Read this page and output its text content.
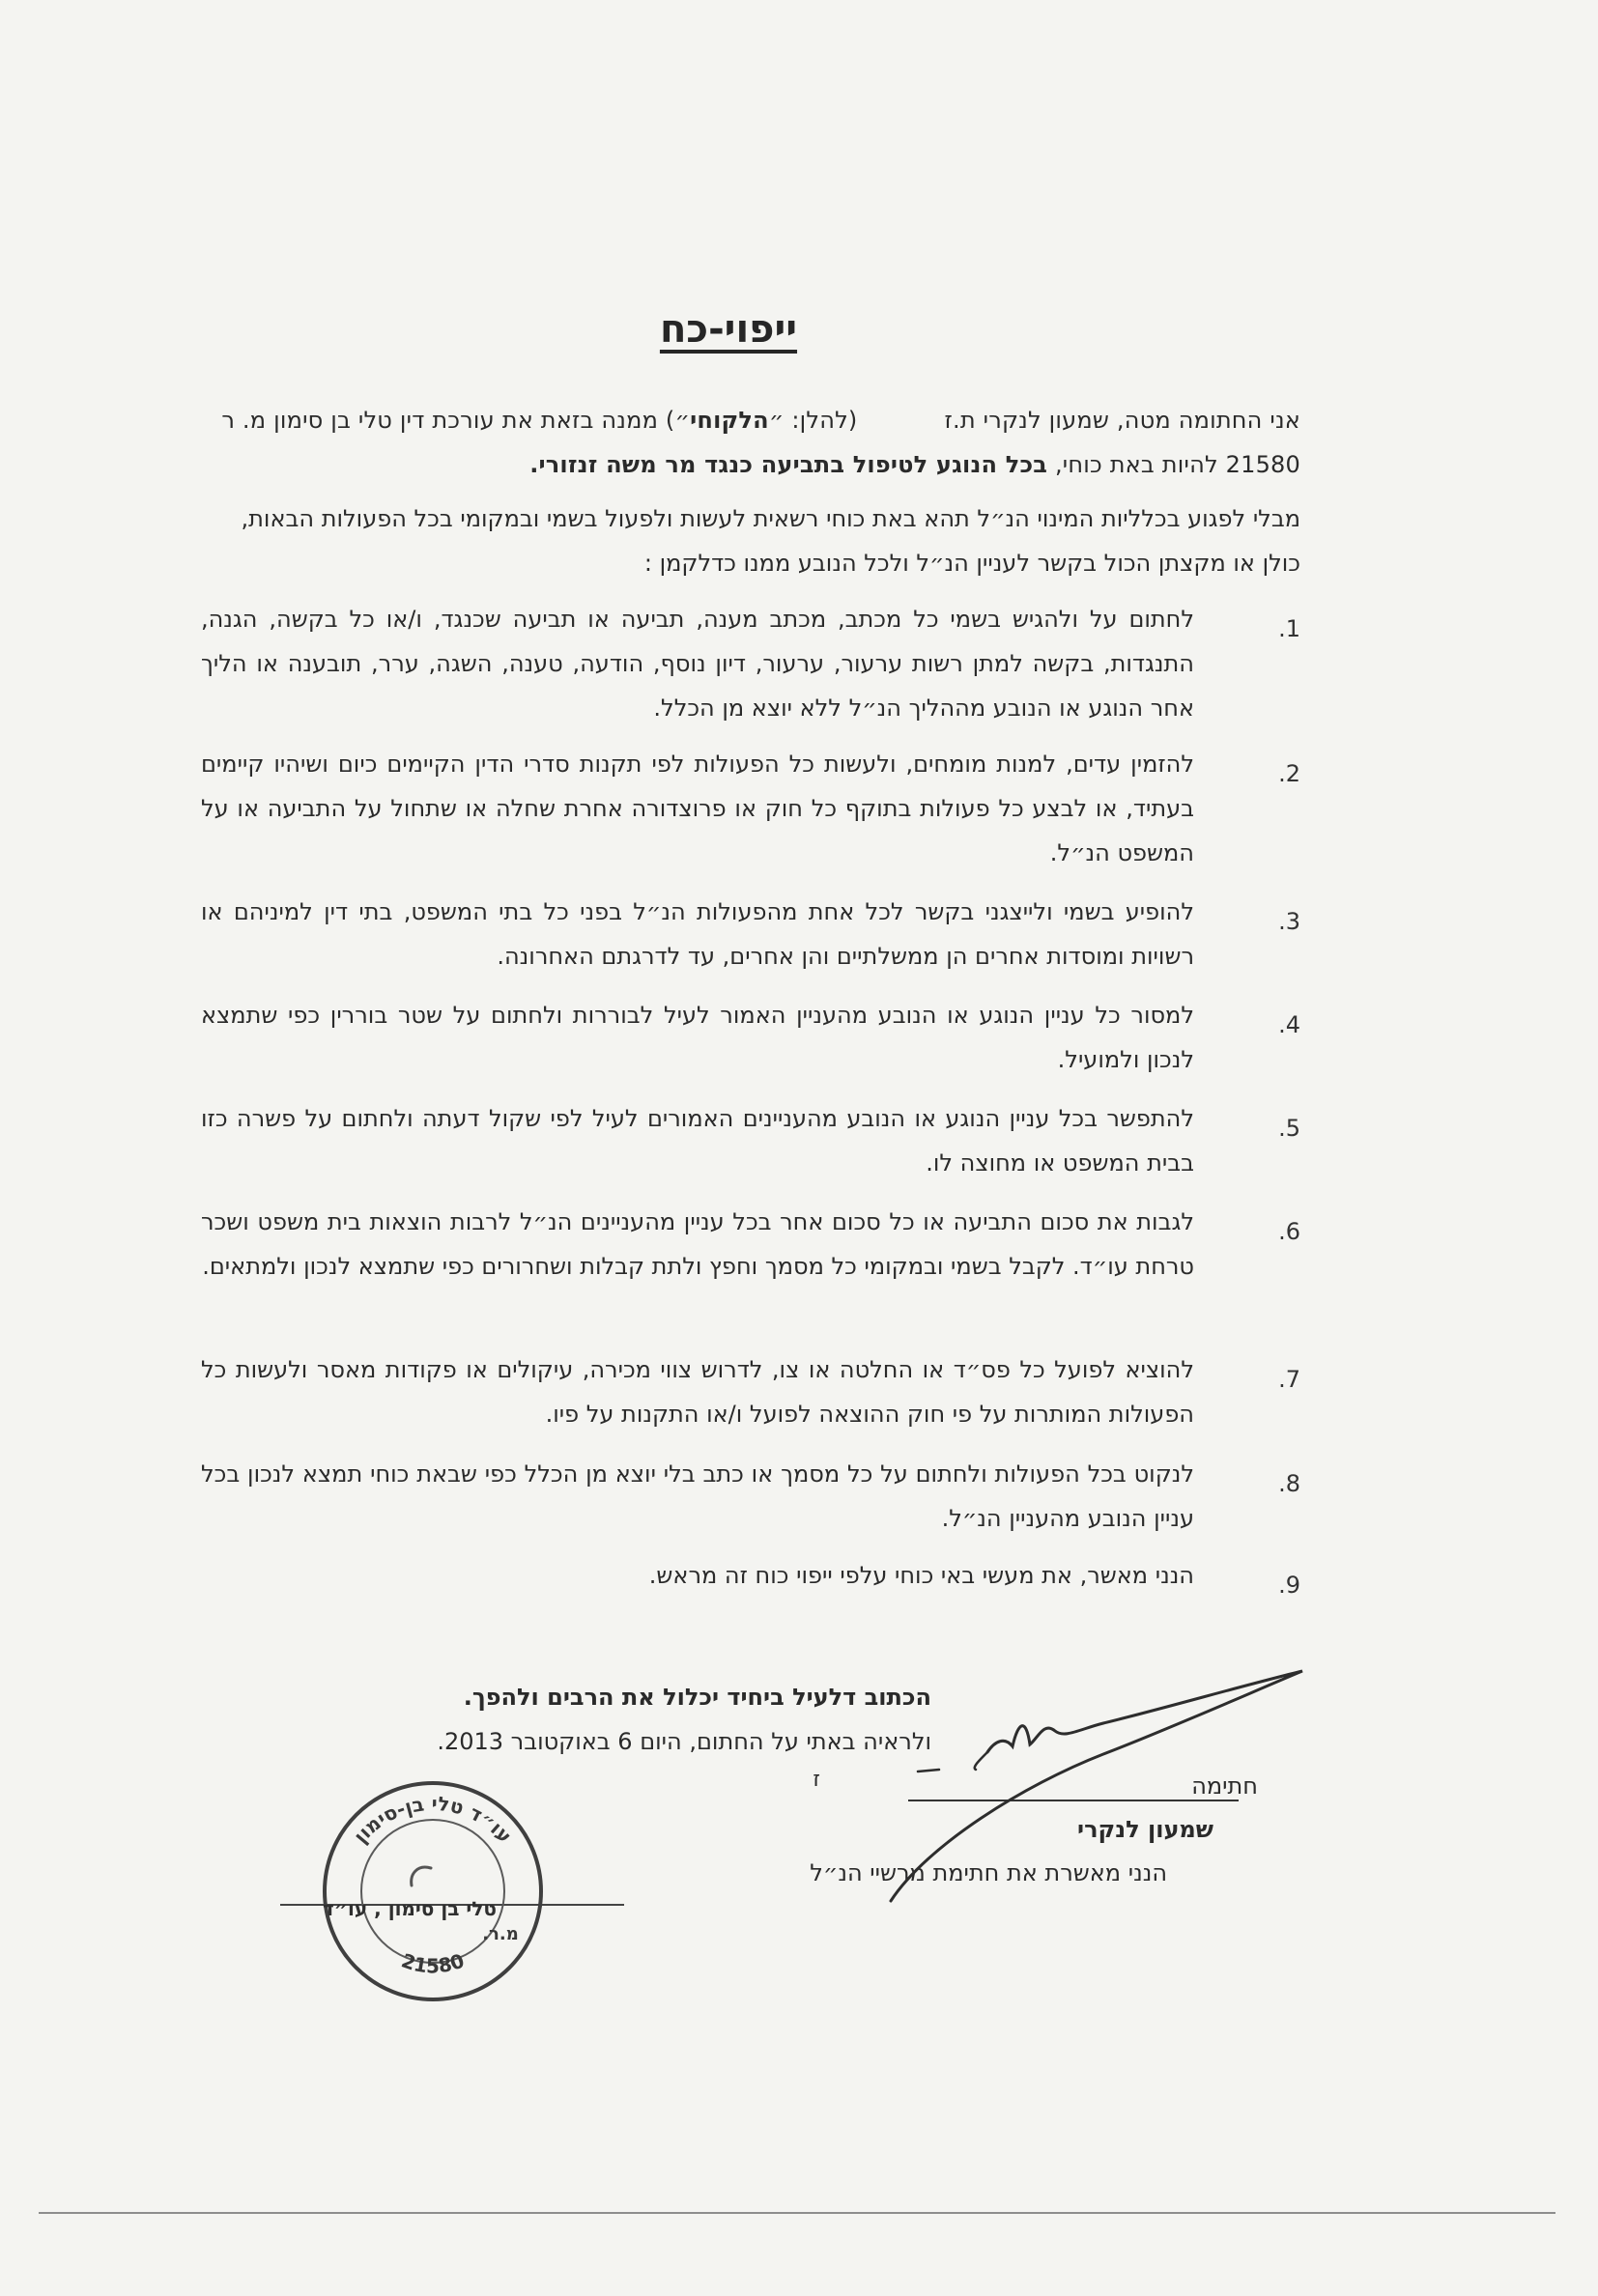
ייפוי-כח
אני החתומה מטה, שמעון לנקרי ת.ז(להלן: ״הלקוחי״) ממנה בזאת את עורכת דין טלי בן סימון מ. ר
21580 להיות באת כוחי, בכל הנוגע לטיפול בתביעה כנגד מר משה זנזורי.
מבלי לפגוע בכלליות המינוי הנ״ל תהא באת כוחי רשאית לעשות ולפעול בשמי ובמקומי בכל הפעולות הבאות,
כולן או מקצתן הכול בקשר לעניין הנ״ל ולכל הנובע ממנו כדלקמן :
.1
לחתום על ולהגיש בשמי כל מכתב, מכתב מענה, תביעה או תביעה שכנגד, ו/או כל בקשה, הגנה, התנגדות, בקשה למתן רשות ערעור, ערעור, דיון נוסף, הודעה, טענה, השגה, ערר, תובענה או הליך אחר הנוגע או הנובע מההליך הנ״ל ללא יוצא מן הכלל.
.2
להזמין עדים, למנות מומחים, ולעשות כל הפעולות לפי תקנות סדרי הדין הקיימים כיום ושיהיו קיימים בעתיד, או לבצע כל פעולות בתוקף כל חוק או פרוצדורה אחרת שחלה או שתחול על התביעה או על המשפט הנ״ל.
.3
להופיע בשמי ולייצגני בקשר לכל אחת מהפעולות הנ״ל בפני כל בתי המשפט, בתי דין למיניהם או רשויות ומוסדות אחרים הן ממשלתיים והן אחרים, עד לדרגתם האחרונה.
.4
למסור כל עניין הנוגע או הנובע מהעניין האמור לעיל לבוררות ולחתום על שטר בוררין כפי שתמצא לנכון ולמועיל.
.5
להתפשר בכל עניין הנוגע או הנובע מהעניינים האמורים לעיל לפי שקול דעתה ולחתום על פשרה כזו בבית המשפט או מחוצה לו.
.6
לגבות את סכום התביעה או כל סכום אחר בכל עניין מהעניינים הנ״ל לרבות הוצאות בית משפט ושכר טרחת עו״ד. לקבל בשמי ובמקומי כל מסמך וחפץ ולתת קבלות ושחרורים כפי שתמצא לנכון ולמתאים.
.7
להוציא לפועל כל פס״ד או החלטה או צו, לדרוש צווי מכירה, עיקולים או פקודות מאסר ולעשות כל הפעולות המותרות על פי חוק ההוצאה לפועל ו/או התקנות על פיו.
.8
לנקוט בכל הפעולות ולחתום על כל מסמך או כתב בלי יוצא מן הכלל כפי שבאת כוחי תמצא לנכון בכל עניין הנובע מהעניין הנ״ל.
.9
הנני מאשר, את מעשי באי כוחי עלפי ייפוי כוח זה מראש.
הכתוב דלעיל ביחיד יכלול את הרבים ולהפך.
ולראיה באתי על החתום, היום 6 באוקטובר 2013.
חתימה
שמעון לנקרי
הנני מאשרת את חתימת מרשיי הנ״ל
ז
עו״ד טלי בן-סימון
21580
מ.ר.
טלי בן סימון , עו״ד
